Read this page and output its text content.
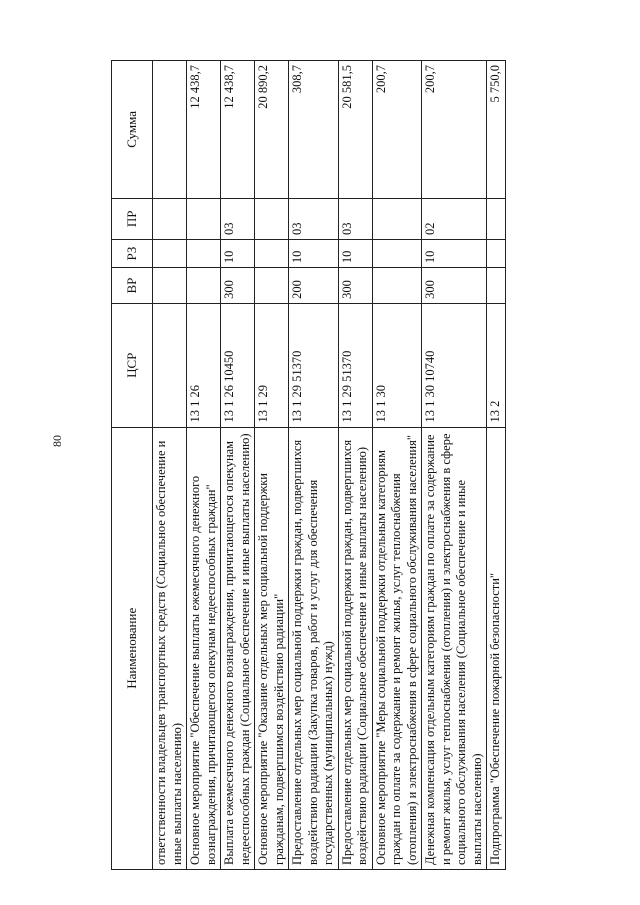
80
Наименование	ЦСР	ВР	РЗ	ПР	Сумма
ответственности владельцев транспортных средств (Социальное обеспечение и иные выплаты населению)					
Основное мероприятие "Обеспечение выплаты ежемесячного денежного вознаграждения, причитающегося опекунам недееспособных граждан"	13 1 26				12 438,7
Выплата ежемесячного денежного вознаграждения, причитающегося опекунам недееспособных граждан (Социальное обеспечение и иные выплаты населению)	13 1 26 10450	300	10	03	12 438,7
Основное мероприятие "Оказание отдельных мер социальной поддержки гражданам, подвергшимся воздействию радиации"	13 1 29				20 890,2
Предоставление отдельных мер социальной поддержки граждан, подвергшихся воздействию радиации (Закупка товаров, работ и услуг для обеспечения государственных (муниципальных) нужд)	13 1 29 51370	200	10	03	308,7
Предоставление отдельных мер социальной поддержки граждан, подвергшихся воздействию радиации (Социальное обеспечение и иные выплаты населению)	13 1 29 51370	300	10	03	20 581,5
Основное мероприятие "Меры социальной поддержки отдельным категориям граждан по оплате за содержание и ремонт жилья, услуг теплоснабжения (отопления) и электроснабжения в сфере социального обслуживания населения"	13 1 30				200,7
Денежная компенсация отдельным категориям граждан по оплате за содержание и ремонт жилья, услуг теплоснабжения (отопления) и электроснабжения в сфере социального обслуживания населения (Социальное обеспечение и иные выплаты населению)	13 1 30 10740	300	10	02	200,7
Подпрограмма "Обеспечение пожарной безопасности"	13 2				5 750,0
